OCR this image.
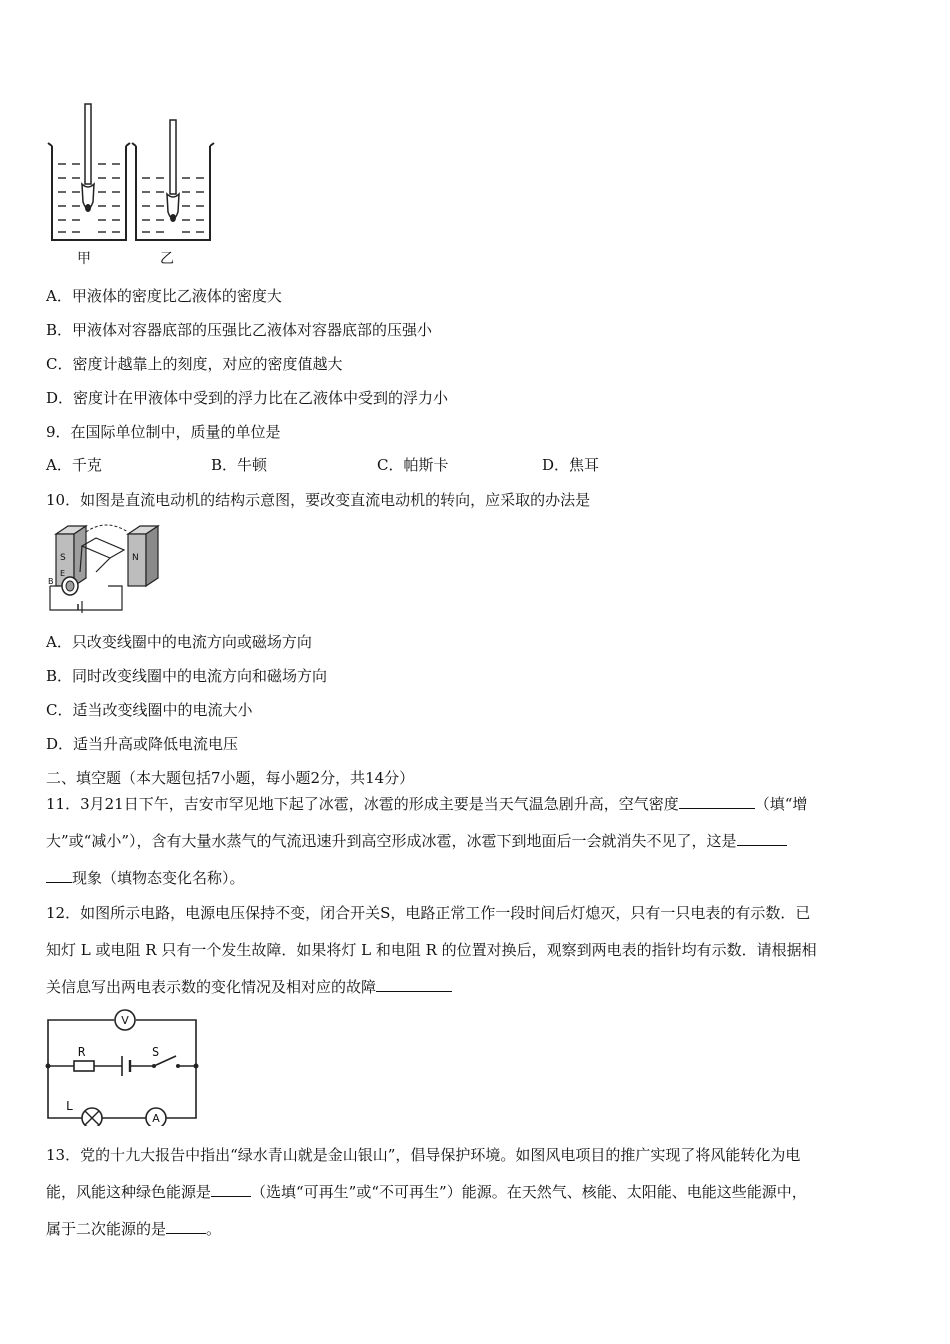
甲	乙
A．甲液体的密度比乙液体的密度大
B．甲液体对容器底部的压强比乙液体对容器底部的压强小
C．密度计越靠上的刻度，对应的密度值越大
D．密度计在甲液体中受到的浮力比在乙液体中受到的浮力小
9．在国际单位制中，质量的单位是
A．千克	B．牛顿	C．帕斯卡	D．焦耳
10．如图是直流电动机的结构示意图，要改变直流电动机的转向，应采取的办法是
S	N
E
B
A．只改变线圈中的电流方向或磁场方向
B．同时改变线圈中的电流方向和磁场方向
C．适当改变线圈中的电流大小
D．适当升高或降低电流电压
二、填空题（本大题包括7小题，每小题2分，共14分）
11．3月21日下午，吉安市罕见地下起了冰雹，冰雹的形成主要是当天气温急剧升高，空气密度	（填“增
大”或“减小”），含有大量水蒸气的气流迅速升到高空形成冰雹，冰雹下到地面后一会就消失不见了，这是
现象（填物态变化名称）。
12．如图所示电路，电源电压保持不变，闭合开关S，电路正常工作一段时间后灯熄灭，只有一只电表的有示数．已
知灯 L 或电阻 R 只有一个发生故障．如果将灯 L 和电阻 R 的位置对换后，观察到两电表的指针均有示数．请根据相
关信息写出两电表示数的变化情况及相对应的故障
V
A
R	S
L
13．党的十九大报告中指出“绿水青山就是金山银山”，倡导保护环境。如图风电项目的推广实现了将风能转化为电
能，风能这种绿色能源是	（选填“可再生”或“不可再生”）能源。在天然气、核能、太阳能、电能这些能源中，
属于二次能源的是	。
